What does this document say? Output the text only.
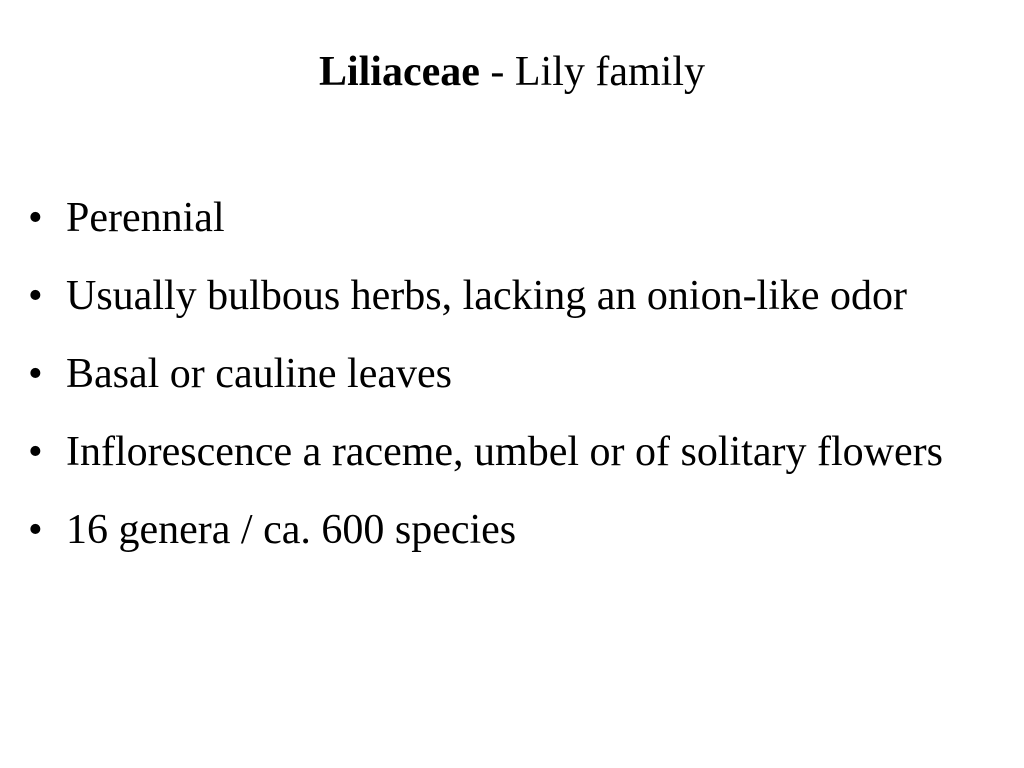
Liliaceae - Lily family
• Perennial
• Usually bulbous herbs, lacking an onion-like odor
• Basal or cauline leaves
• Inflorescence a raceme, umbel or of solitary flowers
• 16 genera / ca. 600 species
